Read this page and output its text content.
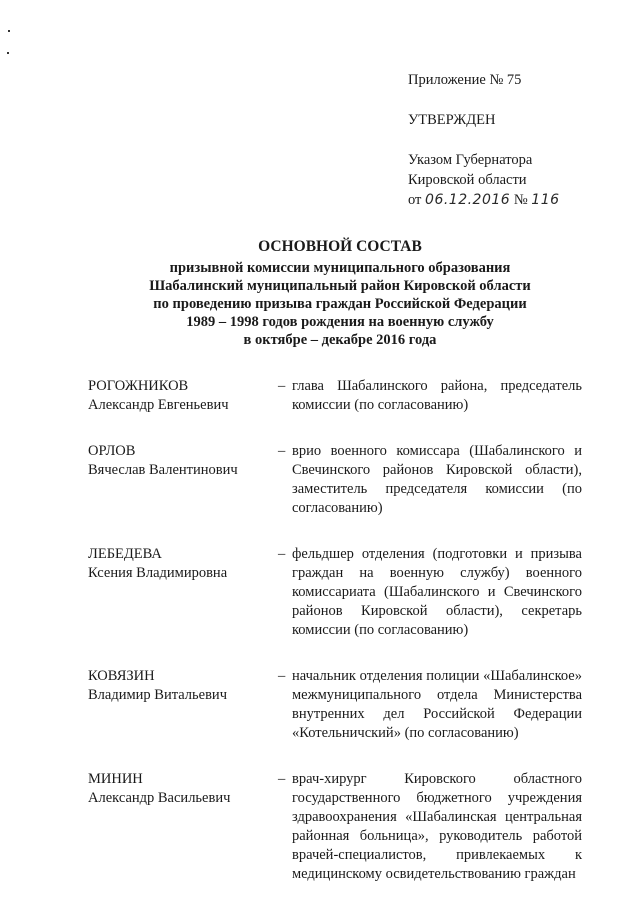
Приложение № 75
УТВЕРЖДЕН
Указом Губернатора
Кировской области
от 06.12.2016 № 116
ОСНОВНОЙ СОСТАВ
призывной комиссии муниципального образования
Шабалинский муниципальный район Кировской области
по проведению призыва граждан Российской Федерации
1989 – 1998 годов рождения на военную службу
в октябре – декабре 2016 года
РОГОЖНИКОВ
Александр Евгеньевич
– глава Шабалинского района, председатель комиссии (по согласованию)
ОРЛОВ
Вячеслав Валентинович
– врио военного комиссара (Шабалинского и Свечинского районов Кировской области), заместитель председателя комиссии (по согласованию)
ЛЕБЕДЕВА
Ксения Владимировна
– фельдшер отделения (подготовки и призыва граждан на военную службу) военного комиссариата (Шабалинского и Свечинского районов Кировской области), секретарь комиссии (по согласованию)
КОВЯЗИН
Владимир Витальевич
– начальник отделения полиции «Шабалинское» межмуниципального отдела Министерства внутренних дел Российской Федерации «Котельничский» (по согласованию)
МИНИН
Александр Васильевич
– врач-хирург Кировского областного государственного бюджетного учреждения здравоохранения «Шабалинская центральная районная больница», руководитель работой врачей-специалистов, привлекаемых к медицинскому освидетельствованию граждан
